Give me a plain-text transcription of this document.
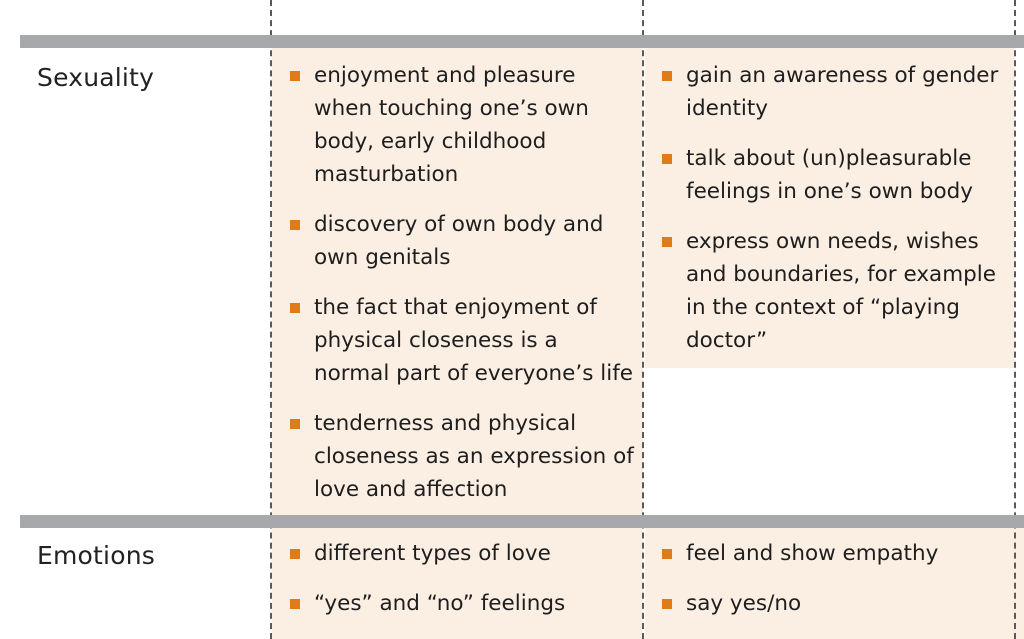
Sexuality	enjoyment and pleasure when touching one’s own body, early childhood masturbation
discovery of own body and own genitals
the fact that enjoyment of physical closeness is a normal part of everyone’s life
tenderness and physical closeness as an expression of love and affection
gain an awareness of gender identity
talk about (un)pleasurable feelings in one’s own body
express own needs, wishes and boundaries, for example in the context of “playing doctor”
Emotions	different types of love
“yes” and “no” feelings
feel and show empathy
say yes/no
